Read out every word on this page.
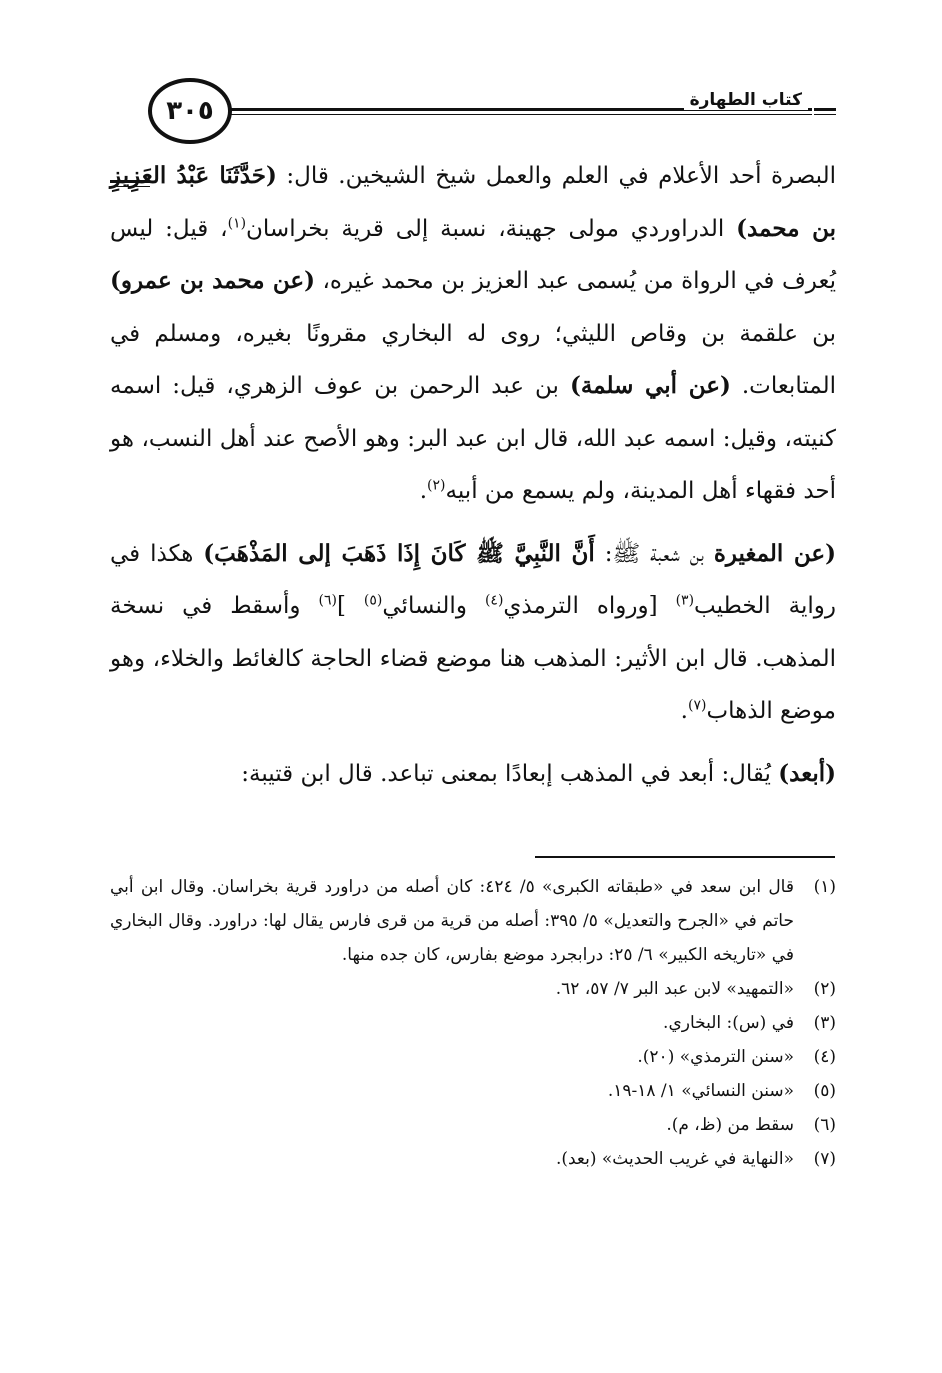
٣٠٥	كتاب الطهارة

البصرة أحد الأعلام في العلم والعمل شيخ الشيخين. قال: (حَدَّثَنَا عَبْدُ العَزِيزِ بن محمد) الدراوردي مولى جهينة، نسبة إلى قرية بخراسان$^{(١)}$، قيل: ليس يُعرف في الرواة من يُسمى عبد العزيز بن محمد غيره، (عن محمد بن عمرو) بن علقمة بن وقاص الليثي؛ روى له البخاري مقرونًا بغيره، ومسلم في المتابعات. (عن أبي سلمة) بن عبد الرحمن بن عوف الزهري، قيل: اسمه كنيته، وقيل: اسمه عبد الله، قال ابن عبد البر: وهو الأصح عند أهل النسب، هو أحد فقهاء أهل المدينة، ولم يسمع من أبيه$^{(٢)}$.

(عن المغيرة بن شعبة ﷺ: أَنَّ النَّبِيَّ ﷺ كَانَ إِذَا ذَهَبَ إلى المَذْهَبَ) هكذا في رواية الخطيب$^{(٣)}$ [ورواه الترمذي$^{(٤)}$ والنسائي$^{(٥)}$ ]$^{(٦)}$ وأسقط في نسخة المذهب. قال ابن الأثير: المذهب هنا موضع قضاء الحاجة كالغائط والخلاء، وهو موضع الذهاب$^{(٧)}$.

(أبعد) يُقال: أبعد في المذهب إبعادًا بمعنى تباعد. قال ابن قتيبة:

(١)
قال ابن سعد في «طبقاته الكبرى» ٥/ ٤٢٤: كان أصله من دراورد قرية بخراسان. وقال ابن أبي حاتم في «الجرح والتعديل» ٥/ ٣٩٥: أصله من قرية من قرى فارس يقال لها: دراورد. وقال البخاري في «تاريخه الكبير» ٦/ ٢٥: درابجرد موضع بفارس، كان جده منها.
(٢)
«التمهيد» لابن عبد البر ٧/ ٥٧، ٦٢.
(٣)
في (س): البخاري.
(٤)
«سنن الترمذي» (٢٠).
(٥)
«سنن النسائي» ١/ ١٨-١٩.
(٦)
سقط من (ظ، م).
(٧)
«النهاية في غريب الحديث» (بعد).
